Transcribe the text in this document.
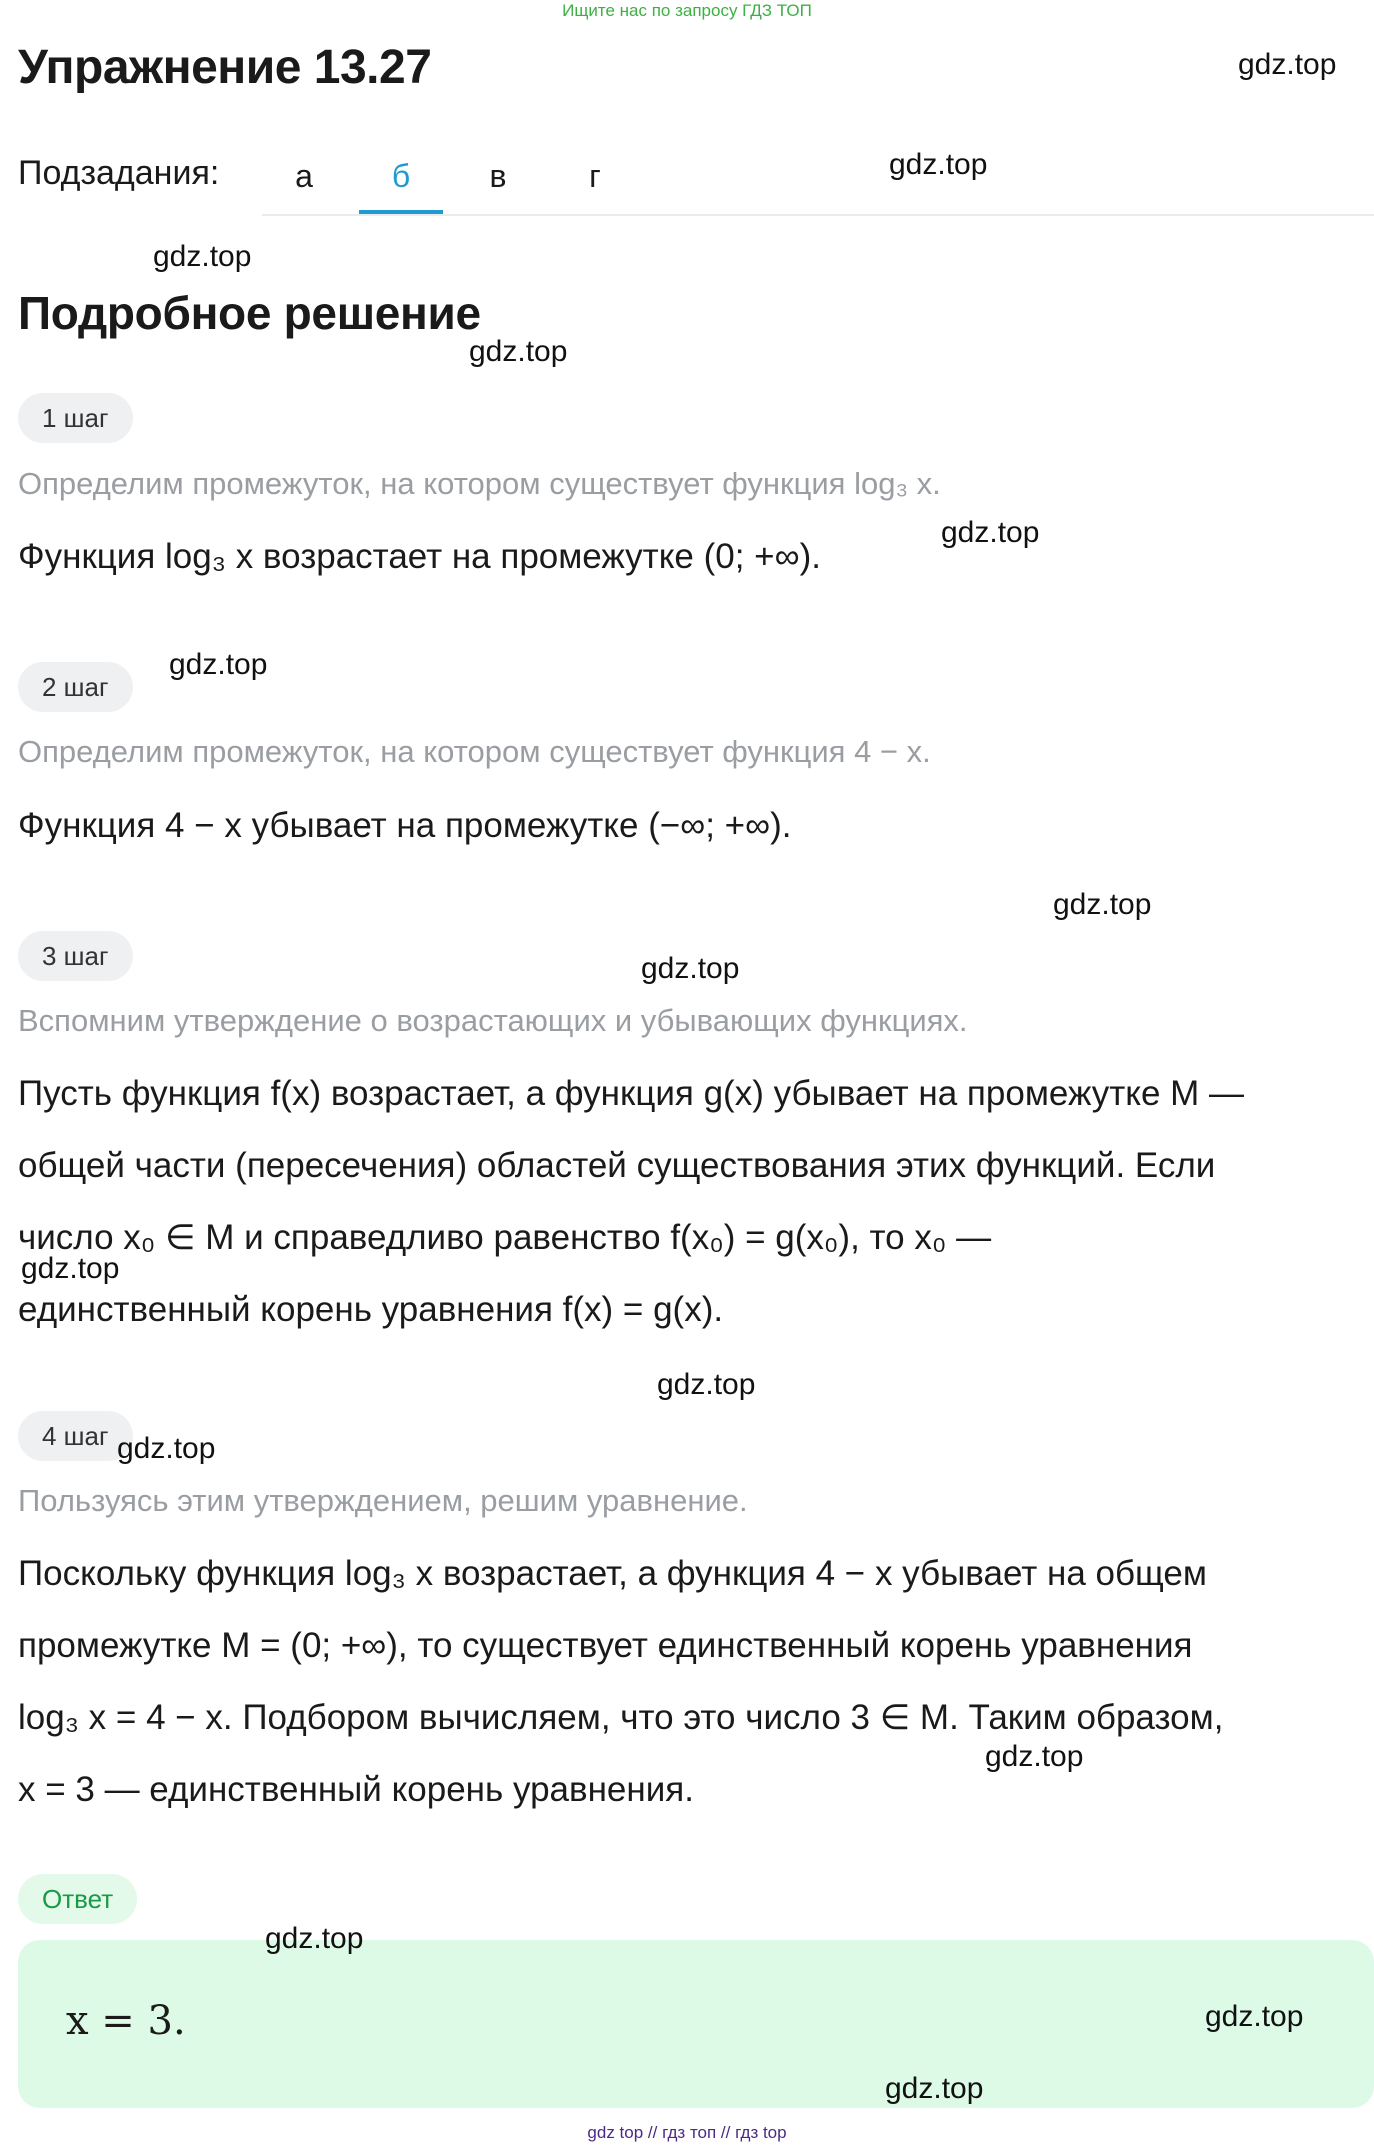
Ищите нас по запросу ГДЗ ТОП
Упражнение 13.27
Подзадания:	а	б	в	г
Подробное решение
1 шаг
Определим промежуток, на котором существует функция log₃ x.
Функция log₃ x возрастает на промежутке (0; +∞).
2 шаг
Определим промежуток, на котором существует функция 4 − x.
Функция 4 − x убывает на промежутке (−∞; +∞).
3 шаг
Вспомним утверждение о возрастающих и убывающих функциях.
Пусть функция f(x) возрастает, а функция g(x) убывает на промежутке M —
общей части (пересечения) областей существования этих функций. Если
число x₀ ∈ M и справедливо равенство f(x₀) = g(x₀), то x₀ —
единственный корень уравнения f(x) = g(x).
4 шаг
Пользуясь этим утверждением, решим уравнение.
Поскольку функция log₃ x возрастает, а функция 4 − x убывает на общем
промежутке M = (0; +∞), то существует единственный корень уравнения
log₃ x = 4 − x. Подбором вычисляем, что это число 3 ∈ M. Таким образом,
x = 3 — единственный корень уравнения.
Ответ
x = 3.
gdz.top
gdz.top
gdz.top
gdz.top
gdz.top
gdz.top
gdz.top
gdz.top
gdz.top
gdz.top
gdz.top
gdz.top
gdz.top
gdz.top
gdz.top
gdz top // гдз топ // гдз top
